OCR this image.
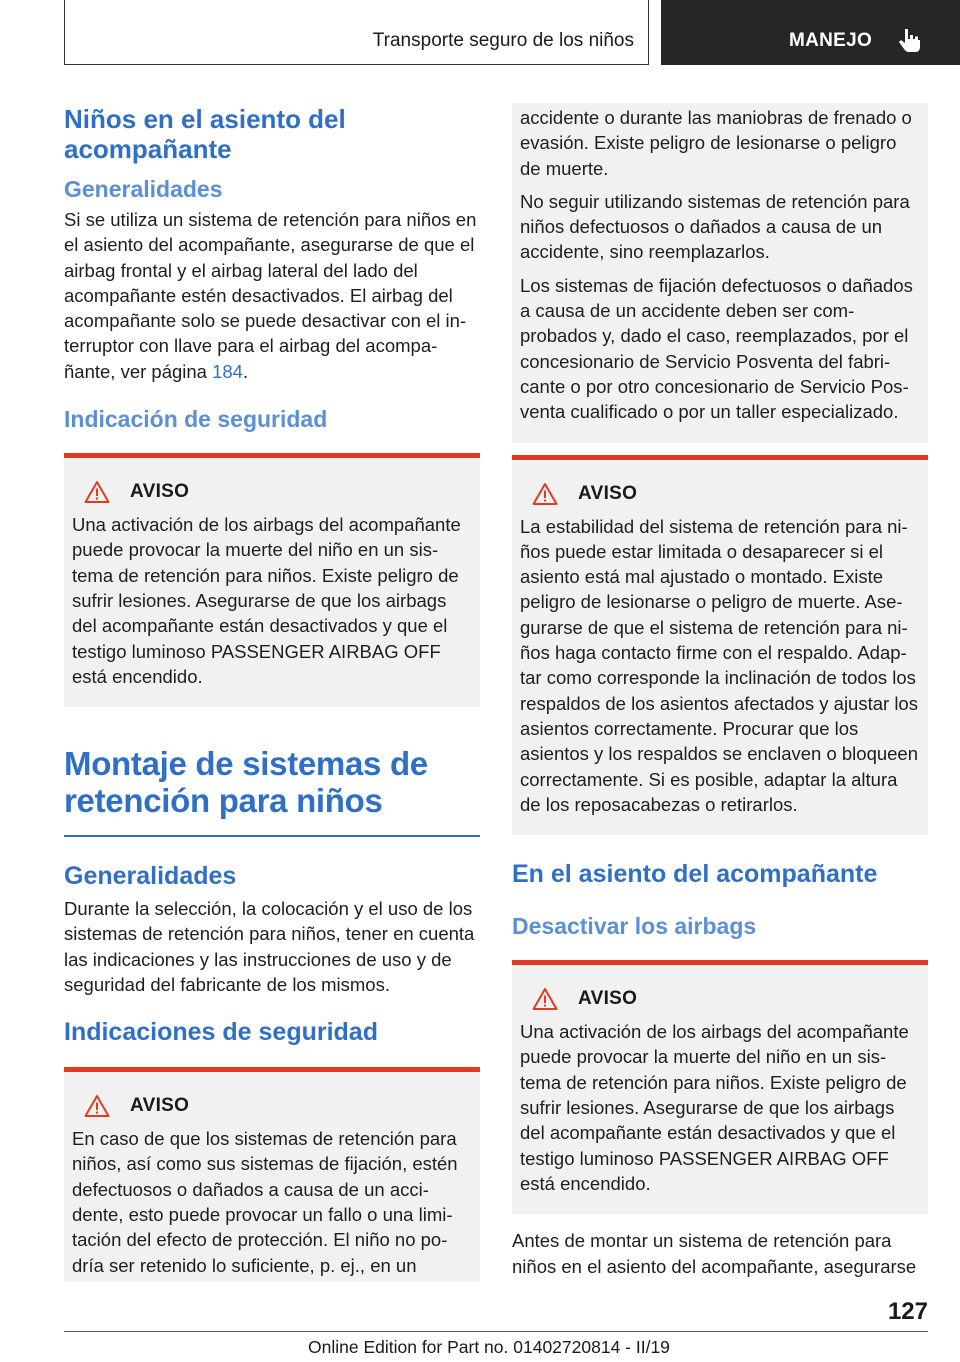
Transporte seguro de los niños	MANEJO
Niños en el asiento del acompañante
Generalidades
Si se utiliza un sistema de retención para niños en el asiento del acompañante, asegurarse de que el airbag frontal y el airbag lateral del lado del acompañante estén desactivados. El airbag del acompañante solo se puede desactivar con el interruptor con llave para el airbag del acompañante, ver página 184.
Indicación de seguridad
AVISO
Una activación de los airbags del acompañante puede provocar la muerte del niño en un sistema de retención para niños. Existe peligro de sufrir lesiones. Asegurarse de que los airbags del acompañante están desactivados y que el testigo luminoso PASSENGER AIRBAG OFF está encendido.
Montaje de sistemas de retención para niños
Generalidades
Durante la selección, la colocación y el uso de los sistemas de retención para niños, tener en cuenta las indicaciones y las instrucciones de uso y de seguridad del fabricante de los mismos.
Indicaciones de seguridad
AVISO
En caso de que los sistemas de retención para niños, así como sus sistemas de fijación, estén defectuosos o dañados a causa de un accidente, esto puede provocar un fallo o una limitación del efecto de protección. El niño no podría ser retenido lo suficiente, p. ej., en un
accidente o durante las maniobras de frenado o evasión. Existe peligro de lesionarse o peligro de muerte.
No seguir utilizando sistemas de retención para niños defectuosos o dañados a causa de un accidente, sino reemplazarlos.
Los sistemas de fijación defectuosos o dañados a causa de un accidente deben ser comprobados y, dado el caso, reemplazados, por el concesionario de Servicio Posventa del fabricante o por otro concesionario de Servicio Posventa cualificado o por un taller especializado.
AVISO
La estabilidad del sistema de retención para niños puede estar limitada o desaparecer si el asiento está mal ajustado o montado. Existe peligro de lesionarse o peligro de muerte. Asegurarse de que el sistema de retención para niños haga contacto firme con el respaldo. Adaptar como corresponde la inclinación de todos los respaldos de los asientos afectados y ajustar los asientos correctamente. Procurar que los asientos y los respaldos se enclaven o bloqueen correctamente. Si es posible, adaptar la altura de los reposacabezas o retirarlos.
En el asiento del acompañante
Desactivar los airbags
AVISO
Una activación de los airbags del acompañante puede provocar la muerte del niño en un sistema de retención para niños. Existe peligro de sufrir lesiones. Asegurarse de que los airbags del acompañante están desactivados y que el testigo luminoso PASSENGER AIRBAG OFF está encendido.
Antes de montar un sistema de retención para niños en el asiento del acompañante, asegurarse
127
Online Edition for Part no. 01402720814 - II/19
